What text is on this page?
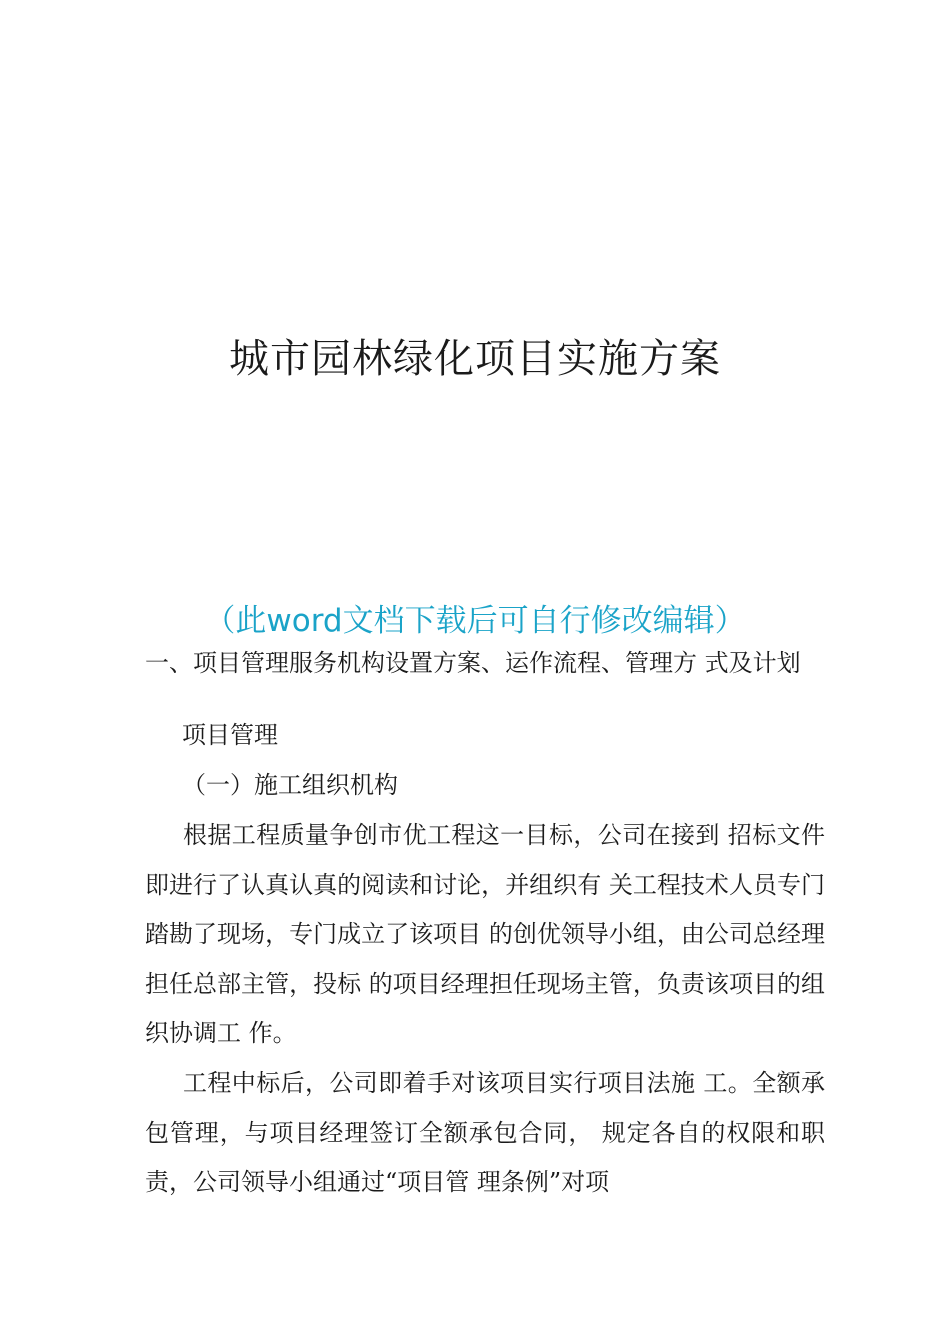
城市园林绿化项目实施方案
（此word文档下载后可自行修改编辑）
一、项目管理服务机构设置方案、运作流程、管理方 式及计划
项目管理
（一）施工组织机构
根据工程质量争创市优工程这一目标，公司在接到 招标文件即进行了认真认真的阅读和讨论，并组织有 关工程技术人员专门踏勘了现场，专门成立了该项目 的创优领导小组，由公司总经理担任总部主管，投标 的项目经理担任现场主管，负责该项目的组织协调工 作。
工程中标后，公司即着手对该项目实行项目法施 工。全额承包管理，与项目经理签订全额承包合同， 规定各自的权限和职责，公司领导小组通过“项目管 理条例”对项
